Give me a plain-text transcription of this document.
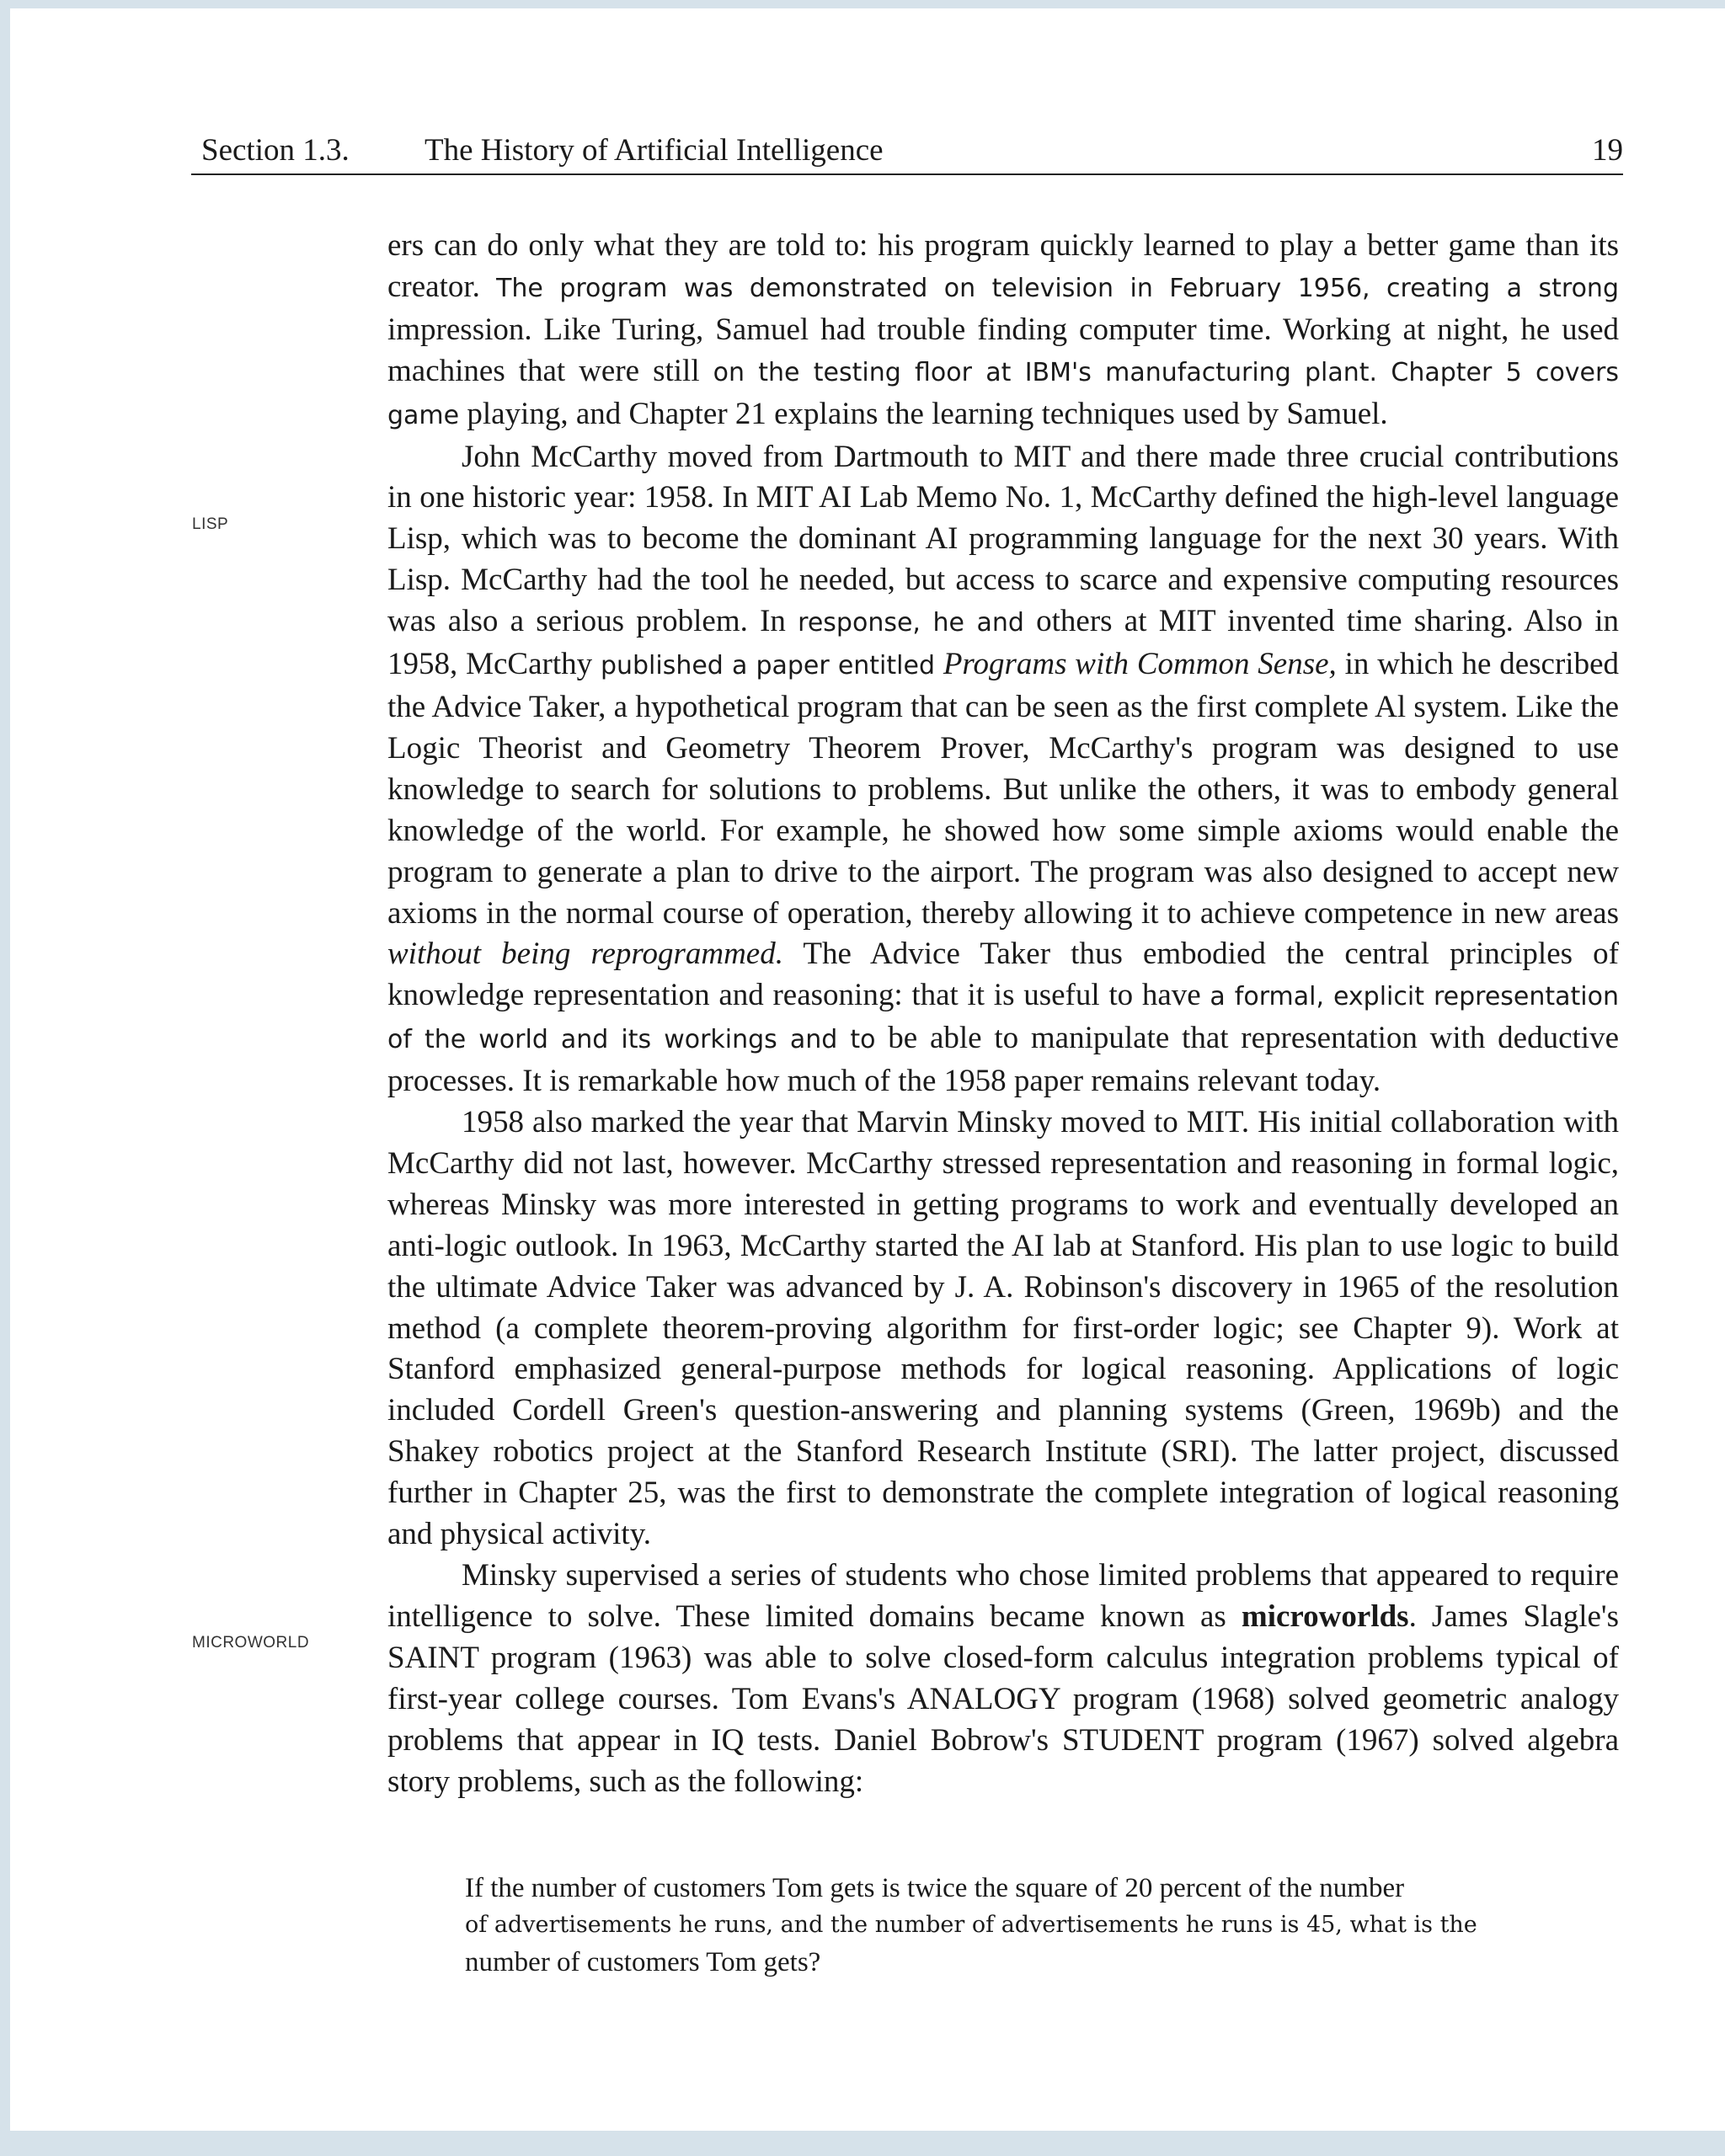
Section 1.3. The History of Artificial Intelligence	19
LISP
MICROWORLD

ers can do only what they are told to: his program quickly learned to play a better game than its creator. The program was demonstrated on television in February 1956, creating a strong impression. Like Turing, Samuel had trouble finding computer time. Working at night, he used machines that were still on the testing floor at IBM's manufacturing plant. Chapter 5 covers game playing, and Chapter 21 explains the learning techniques used by Samuel.

John McCarthy moved from Dartmouth to MIT and there made three crucial contributions in one historic year: 1958. In MIT AI Lab Memo No. 1, McCarthy defined the high-level language Lisp, which was to become the dominant AI programming language for the next 30 years. With Lisp. McCarthy had the tool he needed, but access to scarce and expensive computing resources was also a serious problem. In response, he and others at MIT invented time sharing. Also in 1958, McCarthy published a paper entitled Programs with Common Sense, in which he described the Advice Taker, a hypothetical program that can be seen as the first complete Al system. Like the Logic Theorist and Geometry Theorem Prover, McCarthy's program was designed to use knowledge to search for solutions to problems. But unlike the others, it was to embody general knowledge of the world. For example, he showed how some simple axioms would enable the program to generate a plan to drive to the airport. The program was also designed to accept new axioms in the normal course of operation, thereby allowing it to achieve competence in new areas without being reprogrammed. The Advice Taker thus embodied the central principles of knowledge representation and reasoning: that it is useful to have a formal, explicit representation of the world and its workings and to be able to manipulate that representation with deductive processes. It is remarkable how much of the 1958 paper remains relevant today.

1958 also marked the year that Marvin Minsky moved to MIT. His initial collaboration with McCarthy did not last, however. McCarthy stressed representation and reasoning in formal logic, whereas Minsky was more interested in getting programs to work and eventually developed an anti-logic outlook. In 1963, McCarthy started the AI lab at Stanford. His plan to use logic to build the ultimate Advice Taker was advanced by J. A. Robinson's discovery in 1965 of the resolution method (a complete theorem-proving algorithm for first-order logic; see Chapter 9). Work at Stanford emphasized general-purpose methods for logical reasoning. Applications of logic included Cordell Green's question-answering and planning systems (Green, 1969b) and the Shakey robotics project at the Stanford Research Institute (SRI). The latter project, discussed further in Chapter 25, was the first to demonstrate the complete integration of logical reasoning and physical activity.

Minsky supervised a series of students who chose limited problems that appeared to require intelligence to solve. These limited domains became known as microworlds. James Slagle's SAINT program (1963) was able to solve closed-form calculus integration problems typical of first-year college courses. Tom Evans's ANALOGY program (1968) solved geometric analogy problems that appear in IQ tests. Daniel Bobrow's STUDENT program (1967) solved algebra story problems, such as the following:

If the number of customers Tom gets is twice the square of 20 percent of the number
of advertisements he runs, and the number of advertisements he runs is 45, what is the
number of customers Tom gets?
